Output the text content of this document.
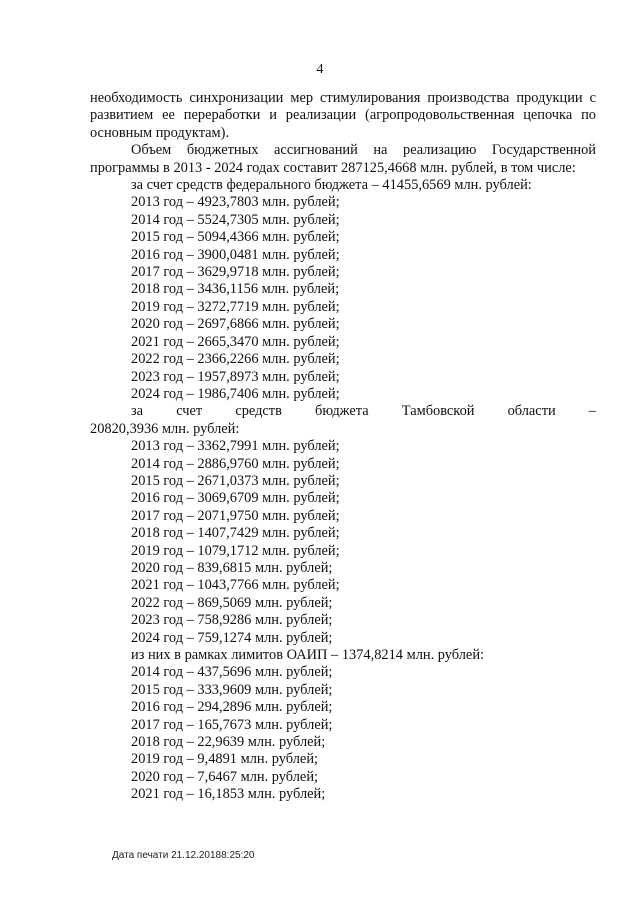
4

необходимость синхронизации мер стимулирования производства продукции с развитием ее переработки и реализации (агропродовольственная цепочка по основным продуктам).

Объем бюджетных ассигнований на реализацию Государственной программы в 2013 - 2024 годах составит 287125,4668 млн. рублей, в том числе:

за счет средств федерального бюджета – 41455,6569 млн. рублей:

2013 год – 4923,7803 млн. рублей;
2014 год – 5524,7305 млн. рублей;
2015 год – 5094,4366 млн. рублей;
2016 год – 3900,0481 млн. рублей;
2017 год – 3629,9718 млн. рублей;
2018 год – 3436,1156 млн. рублей;
2019 год – 3272,7719 млн. рублей;
2020 год – 2697,6866 млн. рублей;
2021 год – 2665,3470 млн. рублей;
2022 год – 2366,2266 млн. рублей;
2023 год – 1957,8973 млн. рублей;
2024 год – 1986,7406 млн. рублей;
за счет средств бюджета Тамбовской области –

20820,3936 млн. рублей:

2013 год – 3362,7991 млн. рублей;
2014 год – 2886,9760 млн. рублей;
2015 год – 2671,0373 млн. рублей;
2016 год – 3069,6709 млн. рублей;
2017 год – 2071,9750 млн. рублей;
2018 год – 1407,7429 млн. рублей;
2019 год – 1079,1712 млн. рублей;
2020 год – 839,6815 млн. рублей;
2021 год – 1043,7766 млн. рублей;
2022 год – 869,5069 млн. рублей;
2023 год – 758,9286 млн. рублей;
2024 год – 759,1274 млн. рублей;

из них в рамках лимитов ОАИП – 1374,8214 млн. рублей:

2014 год – 437,5696 млн. рублей;
2015 год – 333,9609 млн. рублей;
2016 год – 294,2896 млн. рублей;
2017 год – 165,7673 млн. рублей;
2018 год – 22,9639 млн. рублей;
2019 год – 9,4891 млн. рублей;
2020 год – 7,6467 млн. рублей;
2021 год – 16,1853 млн. рублей;
Дата печати 21.12.20188:25:20
